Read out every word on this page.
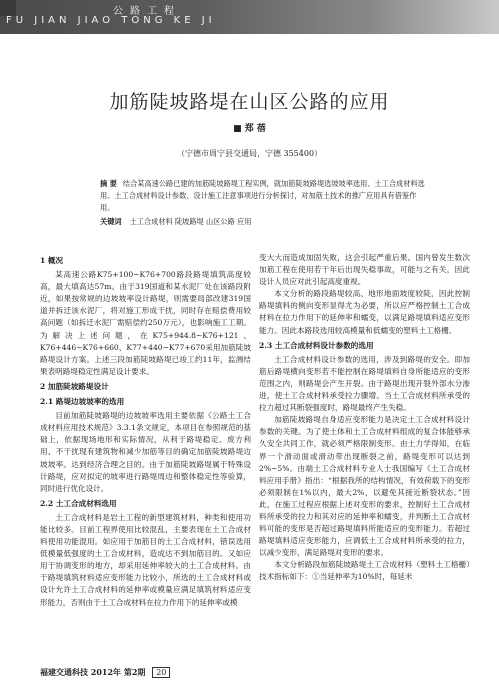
公路工程
FU JIAN JIAO TONG KE JI
加筋陡坡路堤在山区公路的应用
■ 郑 蓓
（宁德市周宁县交通局，宁德 355400）
摘 要 结合某高速公路已建的加筋陡坡路堤工程实例，就加筋陡坡路堤选坡坡率选用、土工合成材料选用、土工合成材料设计参数、设计施工注意事项进行分析探讨，对加筋土技术的推广应用具有借鉴作用。
关键词 土工合成材料 陡坡路堤 山区公路 应用
1 概况

某高速公路K75+100~K76+700路段路堤填筑高度较高，最大填高达57m。由于319国道和某水泥厂处在该路段附近，如果按常规的边坡坡率设计路堤，则需要局部改建319国道并拆迁该水泥厂，将对施工形成干扰，同时存在赔偿费用较高问题（如拆迁水泥厂需赔偿约250万元），也影响施工工期。为解决上述问题，在K75+944.8~K76+121、K76+446~K76+660、K77+440~K77+670采用加筋陡坡路堤设计方案。上述三段加筋陡坡路堤已竣工约11年，监测结果表明路堤稳定性满足设计要求。

2 加筋陡坡路堤设计
2.1 路堤边坡坡率的选用

目前加筋陡坡路堤的边坡坡率选用主要依据《公路土工合成材料应用技术规范》3.3.1条文规定，本项目在参照规范的基础上，依据现场地形和实际情况，从利于路堤稳定、废方利用、不干扰现有建筑物和减少加筋等目的确定加筋陡坡路堤边坡坡率。达到经济合理之目的。由于加筋陡坡路堤属于特殊设计路堤，应对拟定的坡率进行路堤周边和整体稳定性等验算，同时进行优化设计。

2.2 土工合成材料选用

土工合成材料是岩土工程的新型建筑材料，种类和使用功能比较多。目前工程界使用比较混乱，主要表现在土工合成材料使用功能混用。如应用于加筋目的土工合成材料，错误选用低模量低强度的土工合成材料，造成达不到加筋目的。又如应用于协调变形的地方，却采用延伸率较大的土工合成材料。由于路堤填筑材料适应变形能力比较小，所选的土工合成材料或设计允许土工合成材料的延伸率或模量应满足填筑材料适应变形能力，否则由于土工合成材料在拉力作用下的延伸率或模

变大大而造成加固失败，这会引起严重后果。国内曾发生数次加筋工程在使用若干年后出现失稳事故，可能与之有关，因此设计人员应对此引起高度重视。

本文分析的路段路堤较高、地形地面坡度较陡，因此控制路堤填料的侧向变形显得尤为必要，所以应严格控制土工合成材料在拉力作用下的延伸率和蠕变，以满足路堤填料适应变形能力。因此本路段选用较高模量和低蠕变的塑料土工格栅。

2.3 土工合成材料设计参数的选用

土工合成材料设计参数的选用，涉及到路堤的安全。即加筋后路堤横向变形若不能控制在路堤填料自身所能适应的变形范围之内，则路堤会产生开裂。由于路堤出现开裂外部水分渗进，使土工合成材料承受拉力骤增。当土工合成材料所承受的拉力超过其断裂强度时，路堤最终产生失稳。

加筋陡坡路堤自身适应变形能力是决定土工合成材料设计参数的关键。为了使土体和土工合成材料组成的复合体能够承久安全共同工作，就必须严格限制变形。由土力学得知，在临界一个滑动面或滑动带出现断裂之前，路堤变形可以达到2%~5%。由端土工合成材料专业人士我国编写《土工合成材料应用手册》指出：“根据我所的结构情况，有效荷载下的变形必须限制在1%以内，最大2%，以避免其接近断裂状态。”因此，在施工过程应根据上述对变形的要求，控制好土工合成材料所承受的拉力和其对应的延伸率和蠕变，并判断土工合成材料可能的变形是否超过路堤填料所能适应的变形能力。若超过路堤填料适应变形能力，应调低土工合成材料所承受的拉力，以减少变形，满足路堤对变形的要求。

本文分析路段加筋陡坡路堤土工合成材料（塑料土工格栅）技术指标如下：①当延伸率为10%时，每延米

福建交通科技 2012年 第2期 20
